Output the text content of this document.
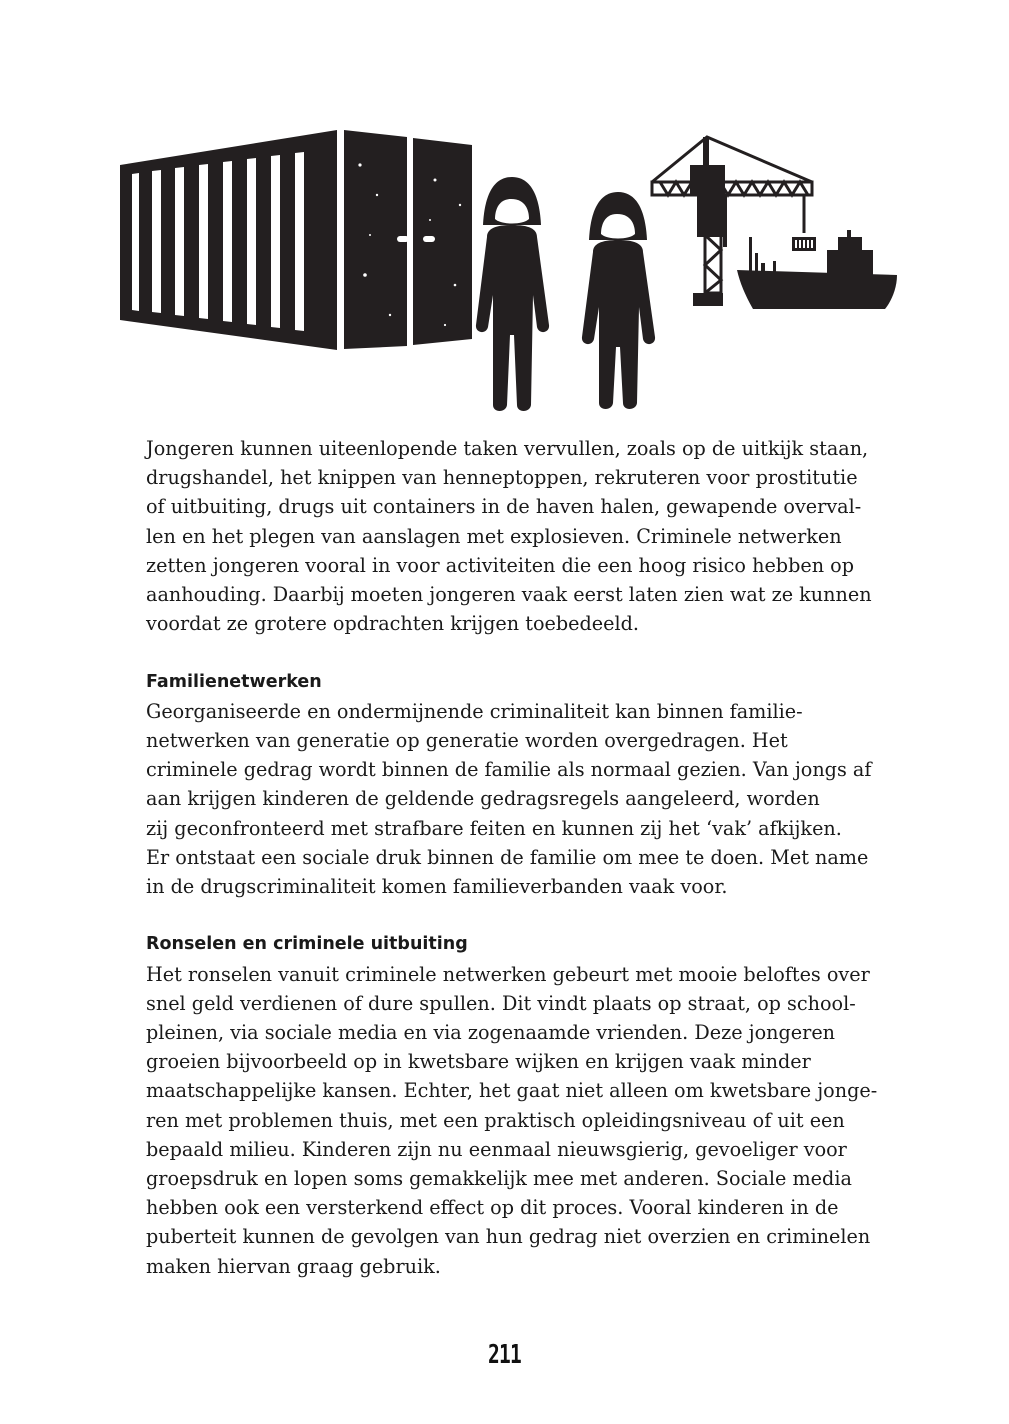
Jongeren kunnen uiteenlopende taken vervullen, zoals op de uitkijk staan,
drugshandel, het knippen van henneptoppen, rekruteren voor prostitutie
of uitbuiting, drugs uit containers in de haven halen, gewapende overval-
len en het plegen van aanslagen met explosieven. Criminele netwerken
zetten jongeren vooral in voor activiteiten die een hoog risico hebben op
aanhouding. Daarbij moeten jongeren vaak eerst laten zien wat ze kunnen
voordat ze grotere opdrachten krijgen toebedeeld.

Familienetwerken
Georganiseerde en ondermijnende criminaliteit kan binnen familie-
netwerken van generatie op generatie worden overgedragen. Het
criminele gedrag wordt binnen de familie als normaal gezien. Van jongs af
aan krijgen kinderen de geldende gedragsregels aangeleerd, worden
zij geconfronteerd met strafbare feiten en kunnen zij het ‘vak’ afkijken.
Er ontstaat een sociale druk binnen de familie om mee te doen. Met name
in de drugscriminaliteit komen familieverbanden vaak voor.

Ronselen en criminele uitbuiting
Het ronselen vanuit criminele netwerken gebeurt met mooie beloftes over
snel geld verdienen of dure spullen. Dit vindt plaats op straat, op school-
pleinen, via sociale media en via zogenaamde vrienden. Deze jongeren
groeien bijvoorbeeld op in kwetsbare wijken en krijgen vaak minder
maatschappelijke kansen. Echter, het gaat niet alleen om kwetsbare jonge-
ren met problemen thuis, met een praktisch opleidingsniveau of uit een
bepaald milieu. Kinderen zijn nu eenmaal nieuwsgierig, gevoeliger voor
groepsdruk en lopen soms gemakkelijk mee met anderen. Sociale media
hebben ook een versterkend effect op dit proces. Vooral kinderen in de
puberteit kunnen de gevolgen van hun gedrag niet overzien en criminelen
maken hiervan graag gebruik.

211
